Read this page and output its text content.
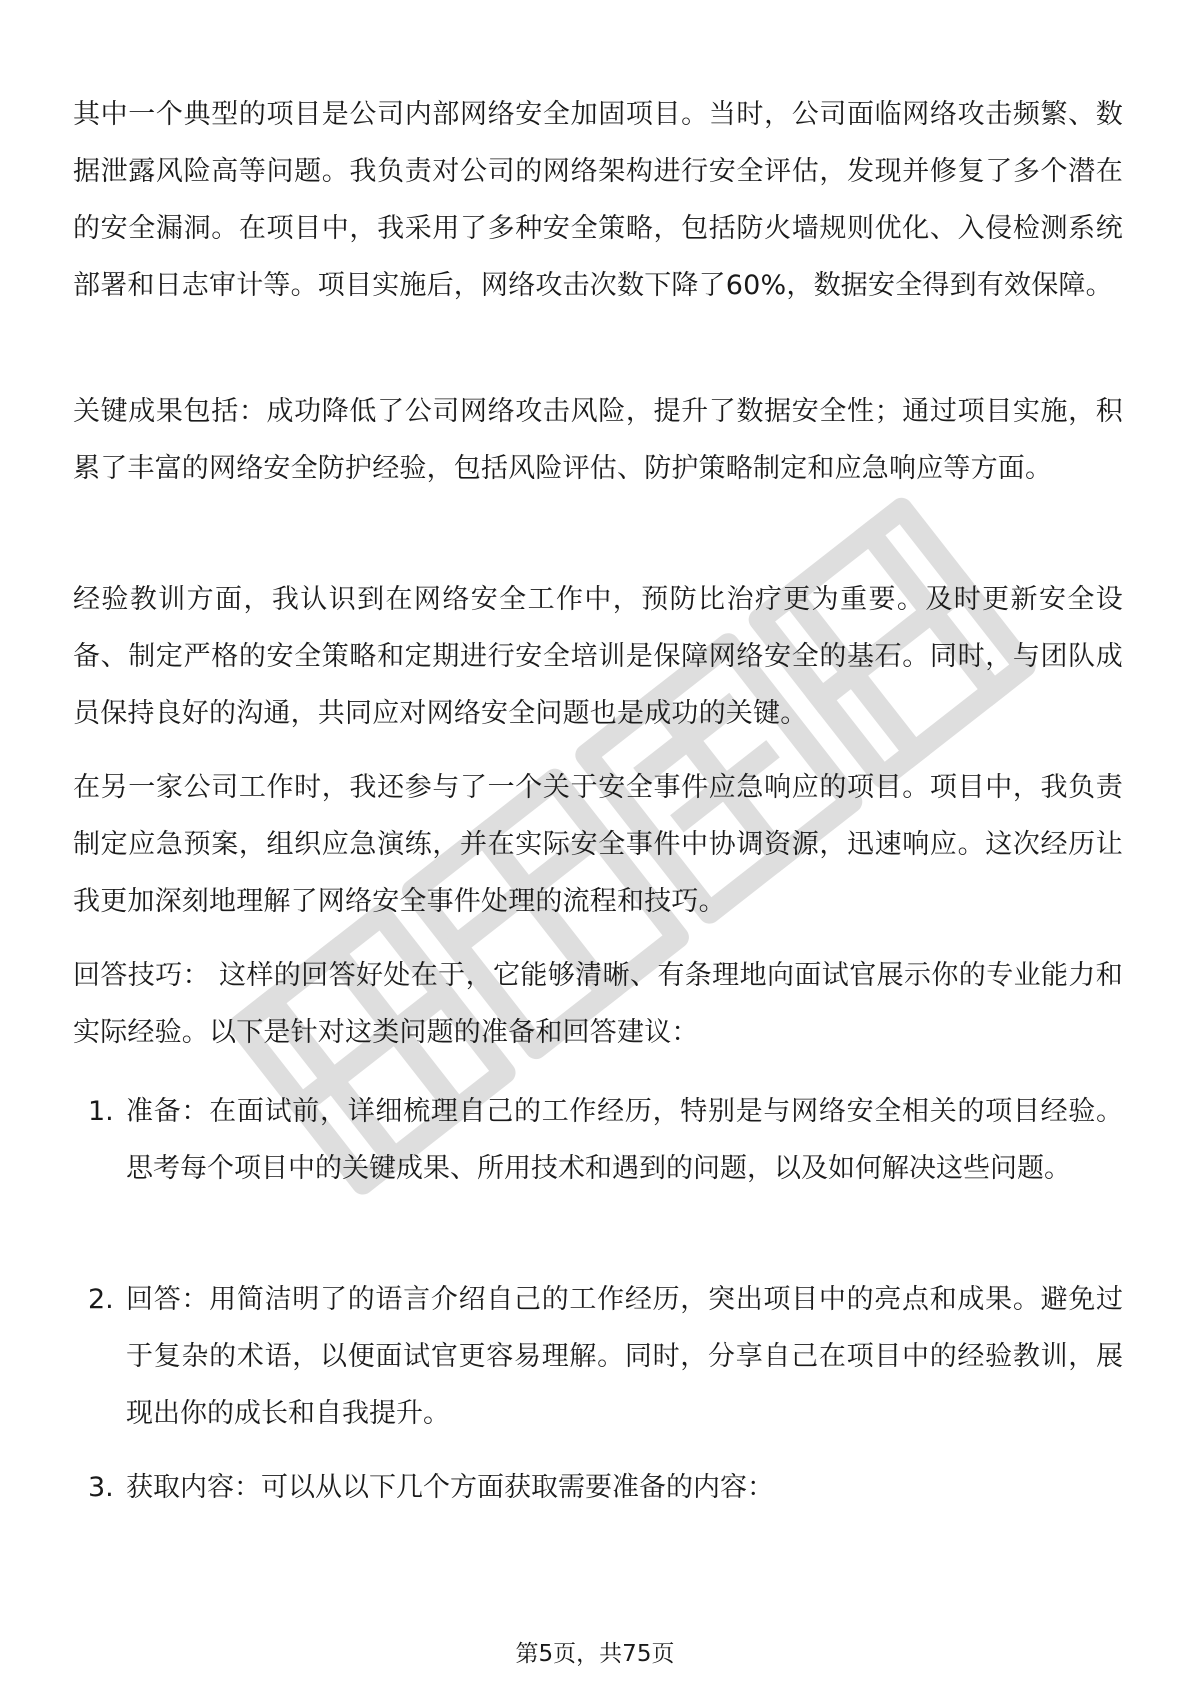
其中一个典型的项目是公司内部网络安全加固项目。当时，公司面临网络攻击频繁、数据泄露风险高等问题。我负责对公司的网络架构进行安全评估，发现并修复了多个潜在的安全漏洞。在项目中，我采用了多种安全策略，包括防火墙规则优化、入侵检测系统部署和日志审计等。项目实施后，网络攻击次数下降了60%，数据安全得到有效保障。

关键成果包括：成功降低了公司网络攻击风险，提升了数据安全性；通过项目实施，积累了丰富的网络安全防护经验，包括风险评估、防护策略制定和应急响应等方面。

经验教训方面，我认识到在网络安全工作中，预防比治疗更为重要。及时更新安全设备、制定严格的安全策略和定期进行安全培训是保障网络安全的基石。同时，与团队成员保持良好的沟通，共同应对网络安全问题也是成功的关键。

在另一家公司工作时，我还参与了一个关于安全事件应急响应的项目。项目中，我负责制定应急预案，组织应急演练，并在实际安全事件中协调资源，迅速响应。这次经历让我更加深刻地理解了网络安全事件处理的流程和技巧。

回答技巧： 这样的回答好处在于，它能够清晰、有条理地向面试官展示你的专业能力和实际经验。以下是针对这类问题的准备和回答建议：

1. 准备：在面试前，详细梳理自己的工作经历，特别是与网络安全相关的项目经验。思考每个项目中的关键成果、所用技术和遇到的问题，以及如何解决这些问题。
2. 回答：用简洁明了的语言介绍自己的工作经历，突出项目中的亮点和成果。避免过于复杂的术语，以便面试官更容易理解。同时，分享自己在项目中的经验教训，展现出你的成长和自我提升。
3. 获取内容：可以从以下几个方面获取需要准备的内容：
第5页，共75页
